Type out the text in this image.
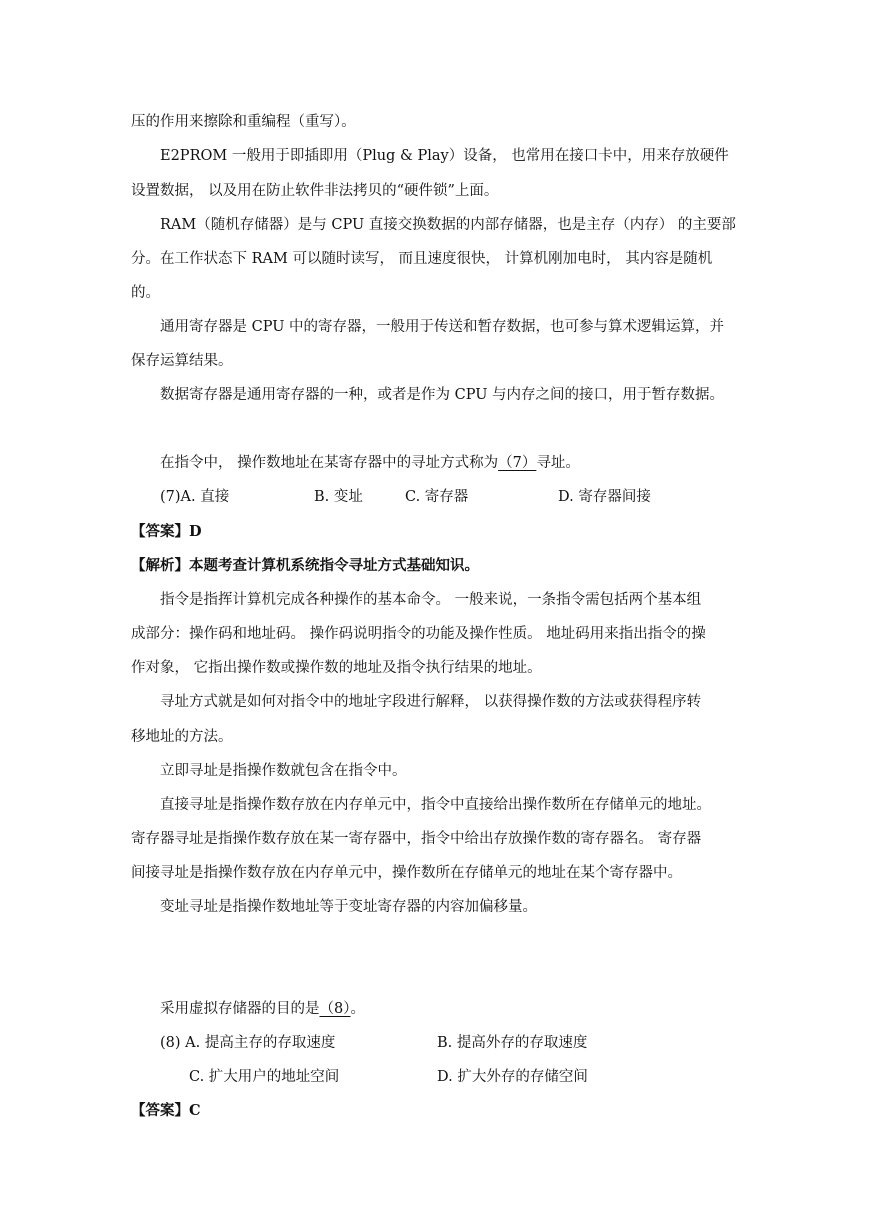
压的作用来擦除和重编程（重写）。
E2PROM 一般用于即插即用（Plug & Play）设备， 也常用在接口卡中，用来存放硬件
设置数据， 以及用在防止软件非法拷贝的“硬件锁”上面。
RAM（随机存储器）是与 CPU 直接交换数据的内部存储器，也是主存（内存） 的主要部
分。在工作状态下 RAM 可以随时读写， 而且速度很快， 计算机刚加电时， 其内容是随机
的。
通用寄存器是 CPU 中的寄存器，一般用于传送和暂存数据，也可参与算术逻辑运算，并
保存运算结果。
数据寄存器是通用寄存器的一种，或者是作为 CPU 与内存之间的接口，用于暂存数据。
在指令中， 操作数地址在某寄存器中的寻址方式称为（7）寻址。
(7)A. 直接	B. 变址	C. 寄存器	D. 寄存器间接
【答案】D
【解析】本题考查计算机系统指令寻址方式基础知识。
指令是指挥计算机完成各种操作的基本命令。 一般来说，一条指令需包括两个基本组
成部分：操作码和地址码。 操作码说明指令的功能及操作性质。 地址码用来指出指令的操
作对象， 它指出操作数或操作数的地址及指令执行结果的地址。
寻址方式就是如何对指令中的地址字段进行解释， 以获得操作数的方法或获得程序转
移地址的方法。
立即寻址是指操作数就包含在指令中。
直接寻址是指操作数存放在内存单元中，指令中直接给出操作数所在存储单元的地址。
寄存器寻址是指操作数存放在某一寄存器中，指令中给出存放操作数的寄存器名。 寄存器
间接寻址是指操作数存放在内存单元中，操作数所在存储单元的地址在某个寄存器中。
变址寻址是指操作数地址等于变址寄存器的内容加偏移量。
采用虚拟存储器的目的是（8）。
(8) A. 提高主存的存取速度	B. 提高外存的存取速度
C. 扩大用户的地址空间	D. 扩大外存的存储空间
【答案】C
